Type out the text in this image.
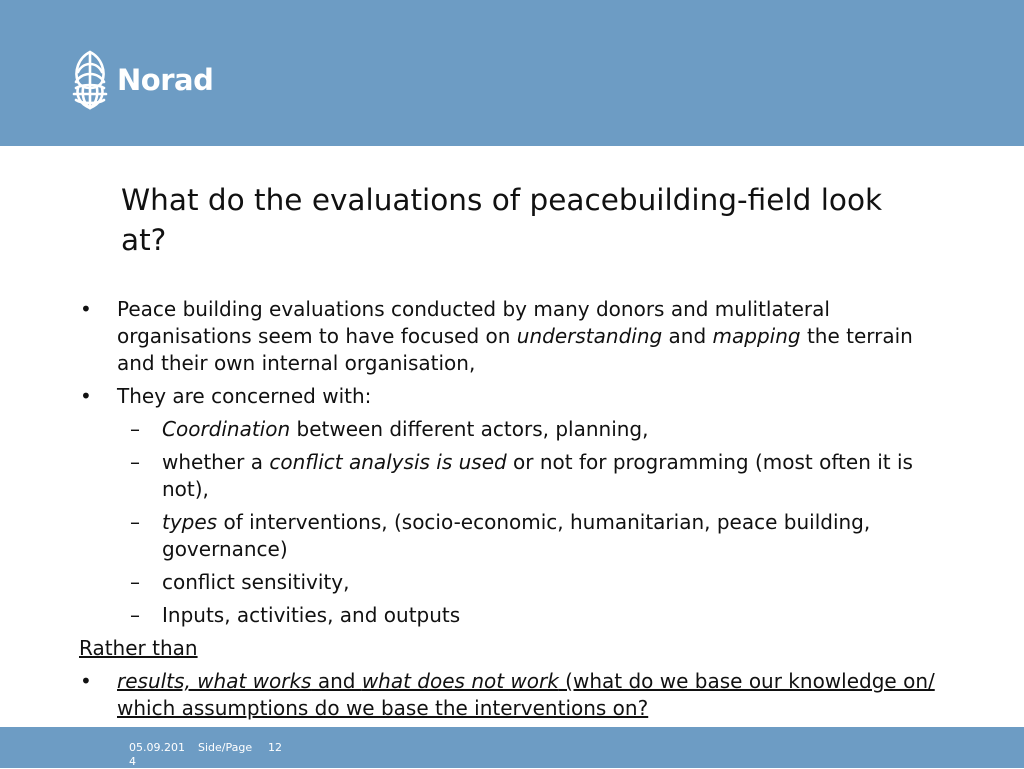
Norad
What do the evaluations of peacebuilding-field look at?
•	Peace building evaluations conducted by many donors and mulitlateral organisations seem to have focused on understanding and mapping the terrain and their own internal organisation,
•	They are concerned with:
– Coordination between different actors, planning,
– whether a conflict analysis is used or not for programming (most often it is not),
– types of interventions, (socio-economic, humanitarian, peace building, governance)
– conflict sensitivity,
– Inputs, activities, and outputs
Rather than
•	results, what works and what does not work (what do we base our knowledge on/ which assumptions do we base the interventions on?
05.09.2014
Side/Page 12
